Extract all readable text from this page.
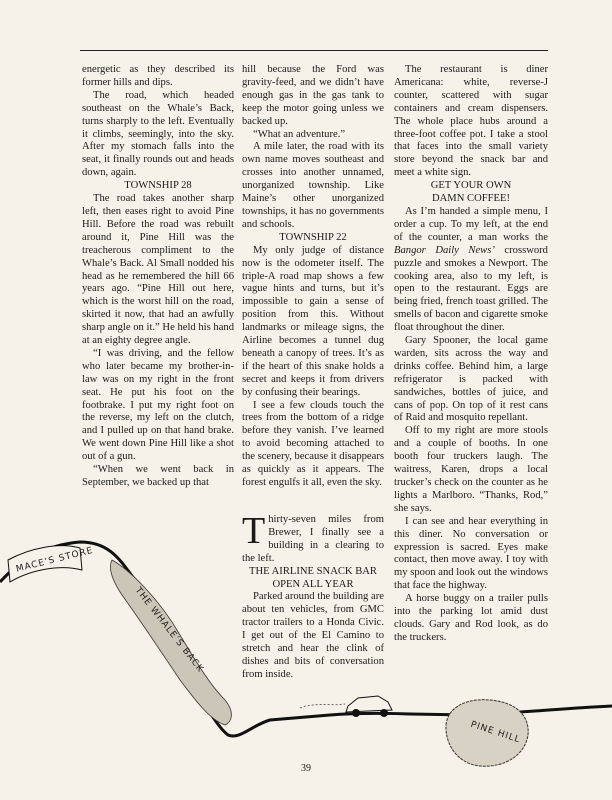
energetic as they described its former hills and dips.

The road, which headed southeast on the Whale’s Back, turns sharply to the left. Eventually it climbs, seemingly, into the sky. After my stomach falls into the seat, it finally rounds out and heads down, again.

TOWNSHIP 28

The road takes another sharp left, then eases right to avoid Pine Hill. Before the road was rebuilt around it, Pine Hill was the treacherous compliment to the Whale’s Back. Al Small nodded his head as he remembered the hill 66 years ago. “Pine Hill out here, which is the worst hill on the road, skirted it now, that had an awfully sharp angle on it.” He held his hand at an eighty degree angle.

“I was driving, and the fellow who later became my brother-in-law was on my right in the front seat. He put his foot on the footbrake. I put my right foot on the reverse, my left on the clutch, and I pulled up on that hand brake. We went down Pine Hill like a shot out of a gun.

“When we went back in September, we backed up that

hill because the Ford was gravity-feed, and we didn’t have enough gas in the gas tank to keep the motor going unless we backed up.

“What an adventure.”

A mile later, the road with its own name moves southeast and crosses into another unnamed, unorganized township. Like Maine’s other unorganized townships, it has no governments and schools.

TOWNSHIP 22

My only judge of distance now is the odometer itself. The triple-A road map shows a few vague hints and turns, but it’s impossible to gain a sense of position from this. Without landmarks or mileage signs, the Airline becomes a tunnel dug beneath a canopy of trees. It’s as if the heart of this snake holds a secret and keeps it from drivers by confusing their bearings.

I see a few clouds touch the trees from the bottom of a ridge before they vanish. I’ve learned to avoid becoming attached to the scenery, because it disappears as quickly as it appears. The forest engulfs it all, even the sky.

Thirty-seven miles from Brewer, I finally see a building in a clearing to the left.

THE AIRLINE SNACK BAR

OPEN ALL YEAR

Parked around the building are about ten vehicles, from GMC tractor trailers to a Honda Civic. I get out of the El Camino to stretch and hear the clink of dishes and bits of conversation from inside.

The restaurant is diner Americana: white, reverse-J counter, scattered with sugar containers and cream dispensers. The whole place hubs around a three-foot coffee pot. I take a stool that faces into the small variety store beyond the snack bar and meet a white sign.

GET YOUR OWN

DAMN COFFEE!

As I’m handed a simple menu, I order a cup. To my left, at the end of the counter, a man works the Bangor Daily News’ crossword puzzle and smokes a Newport. The cooking area, also to my left, is open to the restaurant. Eggs are being fried, french toast grilled. The smells of bacon and cigarette smoke float throughout the diner.

Gary Spooner, the local game warden, sits across the way and drinks coffee. Behind him, a large refrigerator is packed with sandwiches, bottles of juice, and cans of pop. On top of it rest cans of Raid and mosquito repellant.

Off to my right are more stools and a couple of booths. In one booth four truckers laugh. The waitress, Karen, drops a local trucker’s check on the counter as he lights a Marlboro. “Thanks, Rod,” she says.

I can see and hear everything in this diner. No conversation or expression is sacred. Eyes make contact, then move away. I toy with my spoon and look out the windows that face the highway.

A horse buggy on a trailer pulls into the parking lot amid dust clouds. Gary and Rod look, as do the truckers.

MACE’S STORE
THE WHALE’S BACK
PINE HILL
39
